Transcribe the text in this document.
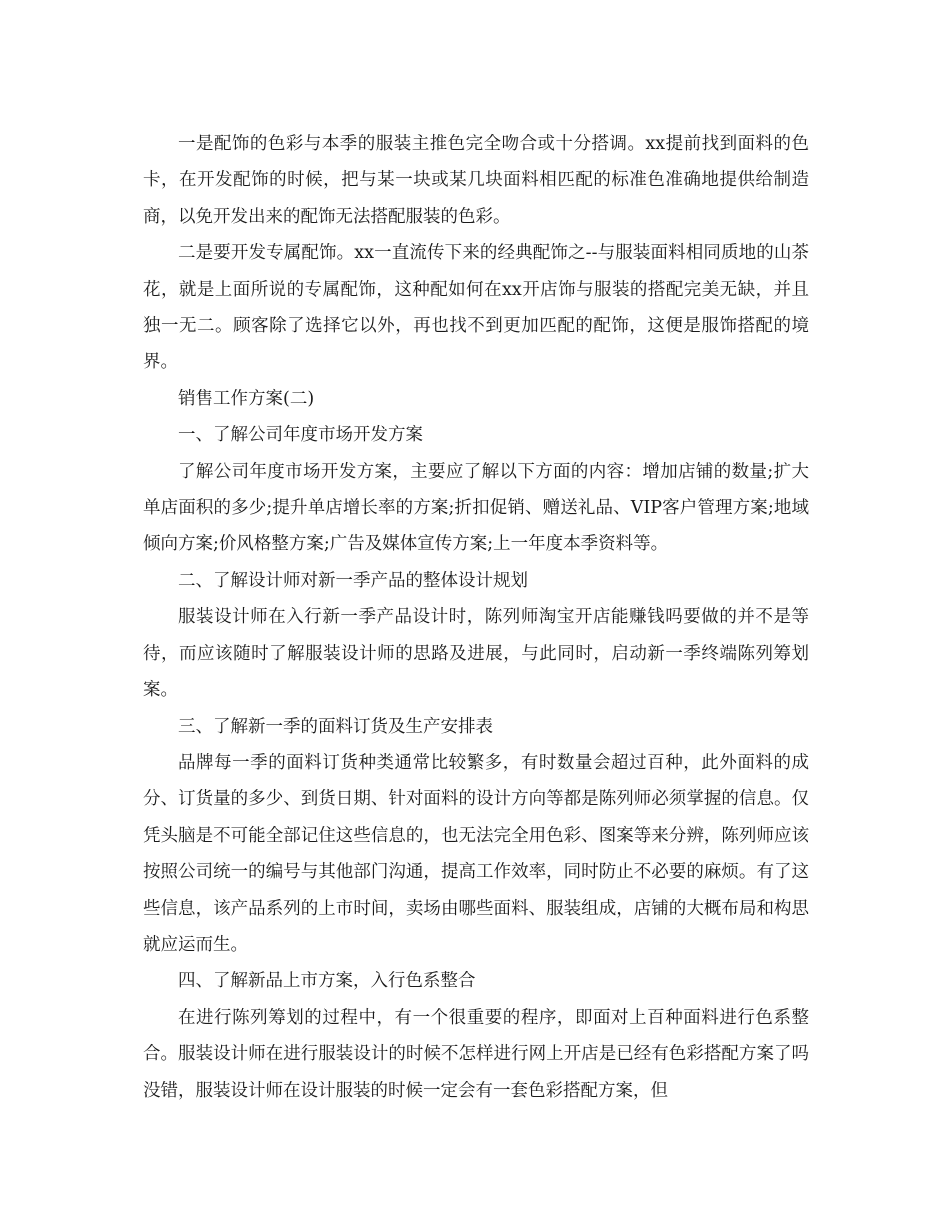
一是配饰的色彩与本季的服装主推色完全吻合或十分搭调。xx提前找到面料的色卡，在开发配饰的时候，把与某一块或某几块面料相匹配的标准色准确地提供给制造商，以免开发出来的配饰无法搭配服装的色彩。

二是要开发专属配饰。xx一直流传下来的经典配饰之--与服装面料相同质地的山茶花，就是上面所说的专属配饰，这种配如何在xx开店饰与服装的搭配完美无缺，并且独一无二。顾客除了选择它以外，再也找不到更加匹配的配饰，这便是服饰搭配的境界。

销售工作方案(二)

一、了解公司年度市场开发方案

了解公司年度市场开发方案，主要应了解以下方面的内容：增加店铺的数量;扩大单店面积的多少;提升单店增长率的方案;折扣促销、赠送礼品、VIP客户管理方案;地域倾向方案;价风格整方案;广告及媒体宣传方案;上一年度本季资料等。

二、了解设计师对新一季产品的整体设计规划

服装设计师在入行新一季产品设计时，陈列师淘宝开店能赚钱吗要做的并不是等待，而应该随时了解服装设计师的思路及进展，与此同时，启动新一季终端陈列筹划案。

三、了解新一季的面料订货及生产安排表

品牌每一季的面料订货种类通常比较繁多，有时数量会超过百种，此外面料的成分、订货量的多少、到货日期、针对面料的设计方向等都是陈列师必须掌握的信息。仅凭头脑是不可能全部记住这些信息的，也无法完全用色彩、图案等来分辨，陈列师应该按照公司统一的编号与其他部门沟通，提高工作效率，同时防止不必要的麻烦。有了这些信息，该产品系列的上市时间，卖场由哪些面料、服装组成，店铺的大概布局和构思就应运而生。

四、了解新品上市方案，入行色系整合

在进行陈列筹划的过程中，有一个很重要的程序，即面对上百种面料进行色系整合。服装设计师在进行服装设计的时候不怎样进行网上开店是已经有色彩搭配方案了吗没错，服装设计师在设计服装的时候一定会有一套色彩搭配方案，但
